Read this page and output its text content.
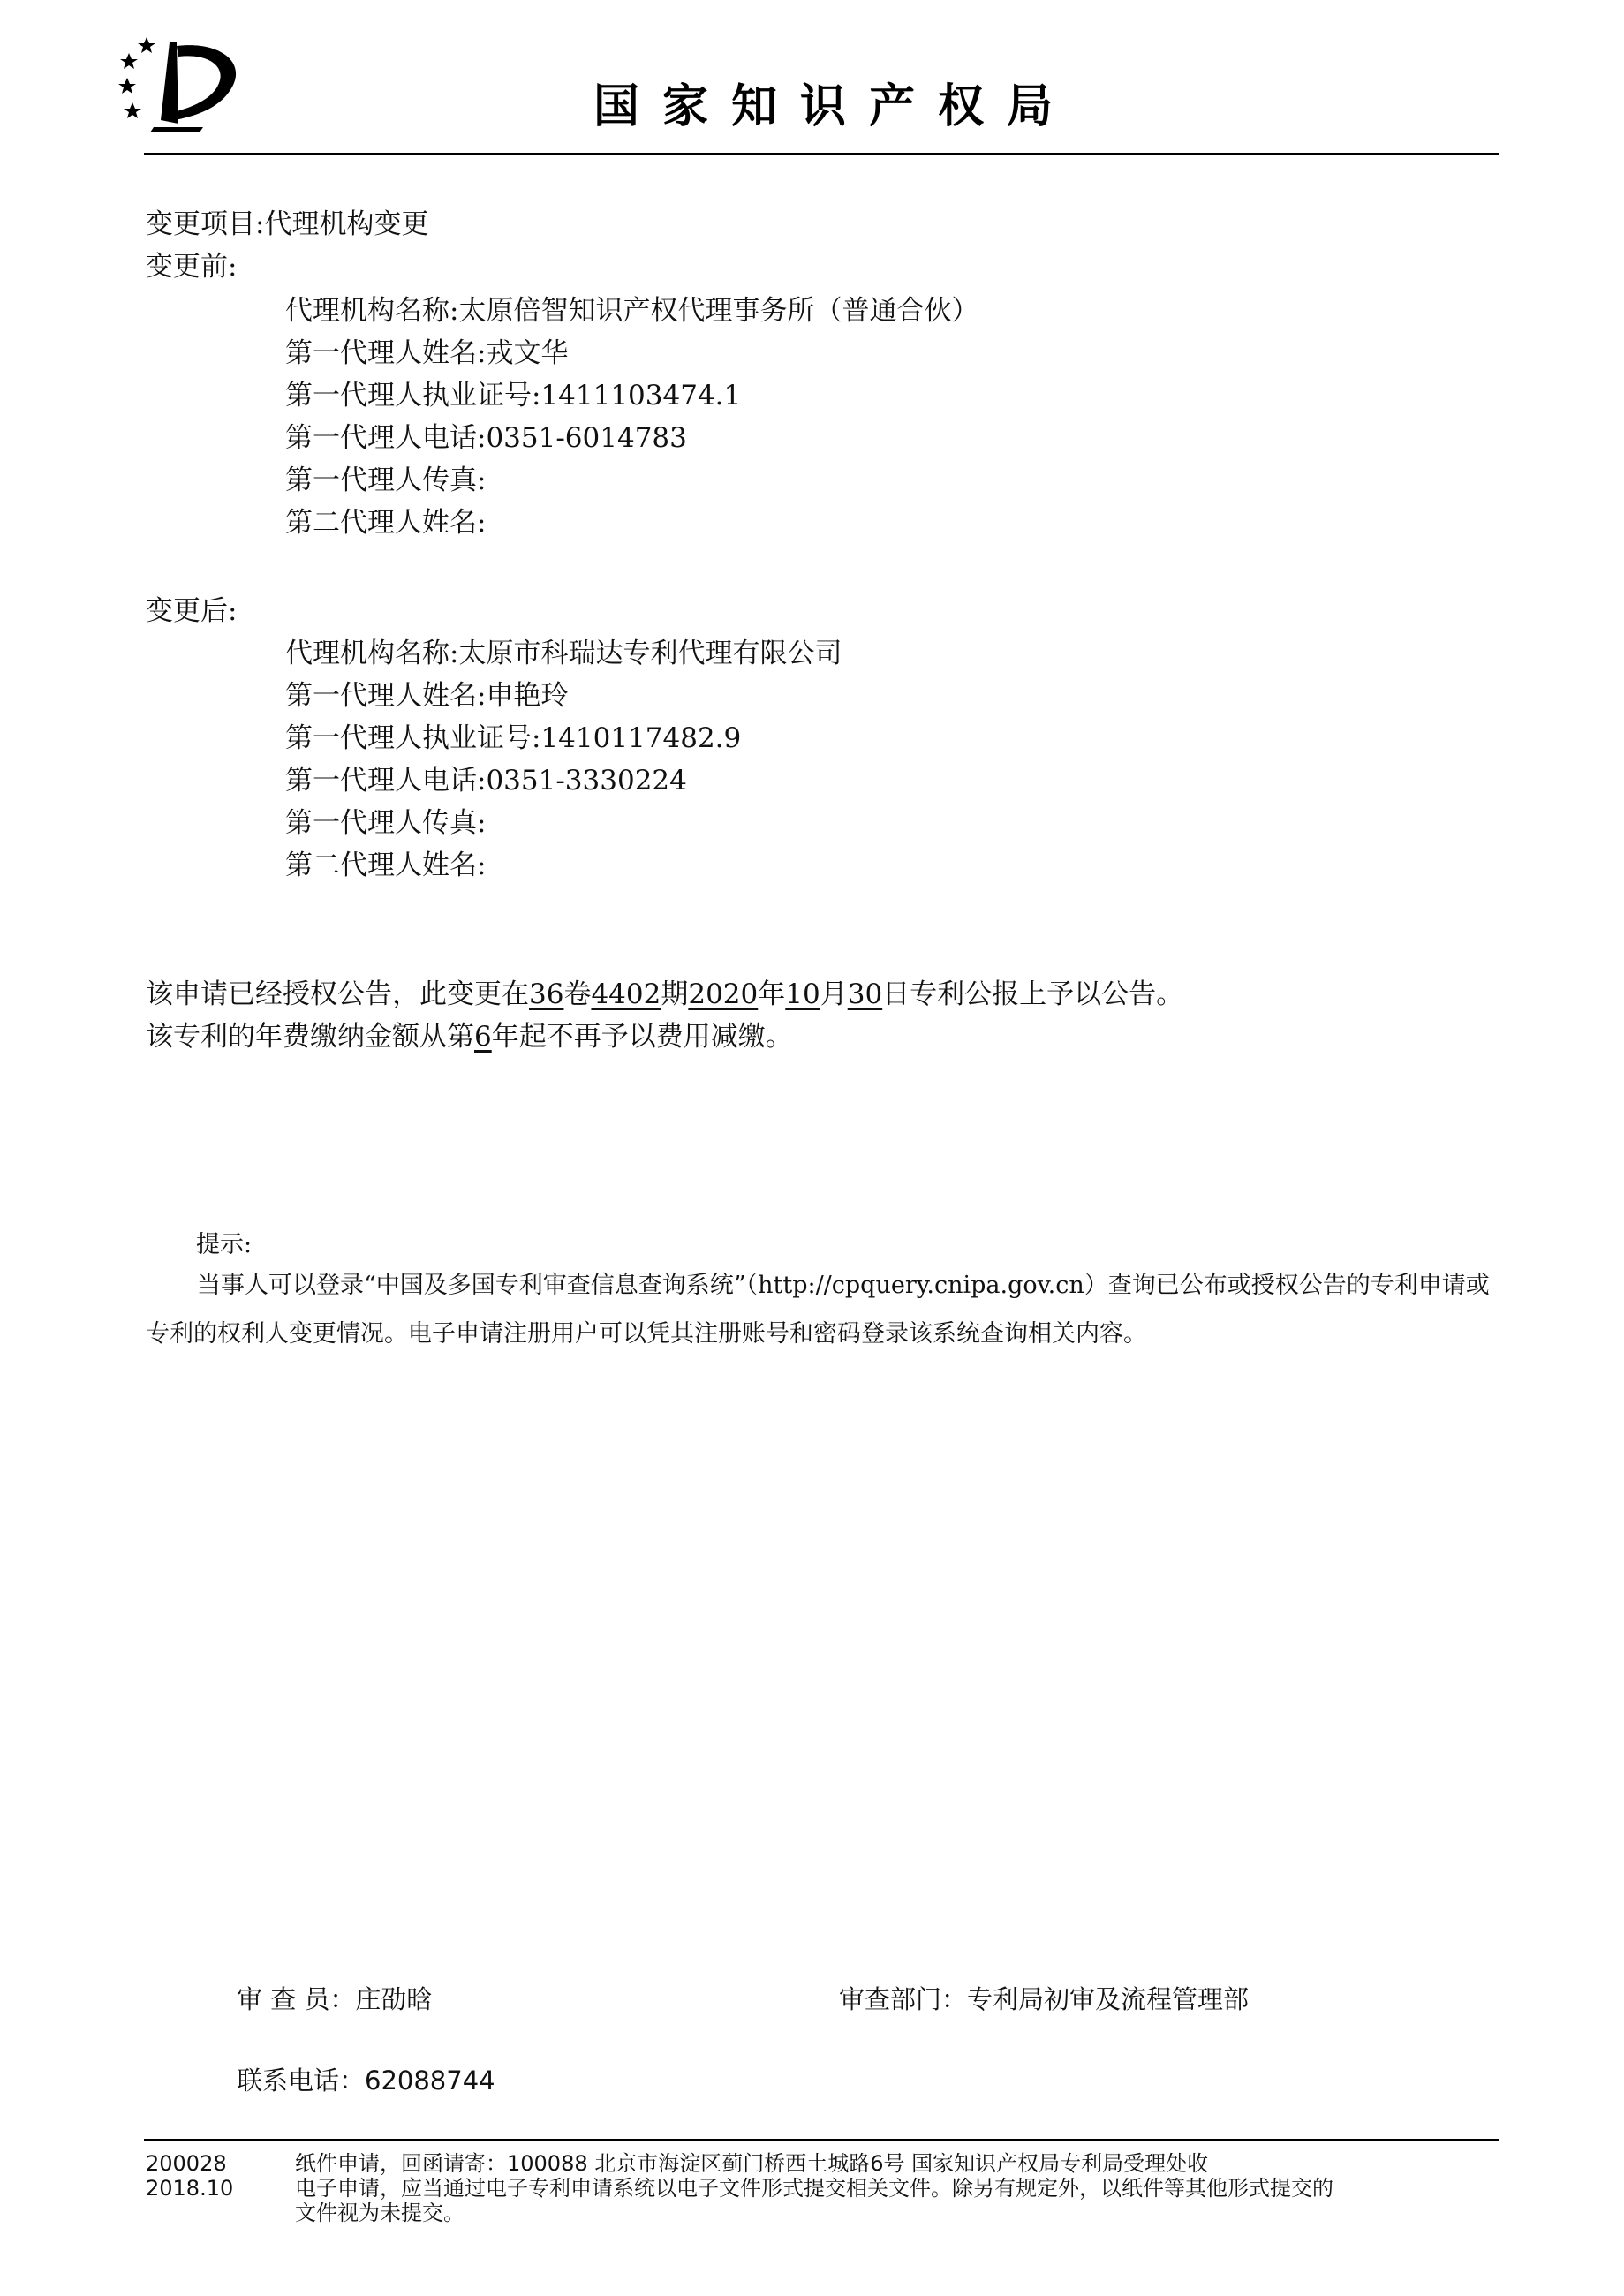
国家知识产权局
变更项目:代理机构变更
变更前:
代理机构名称:太原倍智知识产权代理事务所（普通合伙）
第一代理人姓名:戎文华
第一代理人执业证号:1411103474.1
第一代理人电话:0351-6014783
第一代理人传真:
第二代理人姓名:
变更后:
代理机构名称:太原市科瑞达专利代理有限公司
第一代理人姓名:申艳玲
第一代理人执业证号:1410117482.9
第一代理人电话:0351-3330224
第一代理人传真:
第二代理人姓名:
该申请已经授权公告，此变更在36卷4402期2020年10月30日专利公报上予以公告。
该专利的年费缴纳金额从第6年起不再予以费用减缴。
提示:
当事人可以登录“中国及多国专利审查信息查询系统”（http://cpquery.cnipa.gov.cn）查询已公布或授权公告的专利申请或专利的权利人变更情况。电子申请注册用户可以凭其注册账号和密码登录该系统查询相关内容。
审 查 员：庄劭晗	审查部门：专利局初审及流程管理部
联系电话：62088744
200028
2018.10
纸件申请，回函请寄：100088 北京市海淀区蓟门桥西土城路6号 国家知识产权局专利局受理处收
电子申请，应当通过电子专利申请系统以电子文件形式提交相关文件。除另有规定外，以纸件等其他形式提交的
文件视为未提交。
